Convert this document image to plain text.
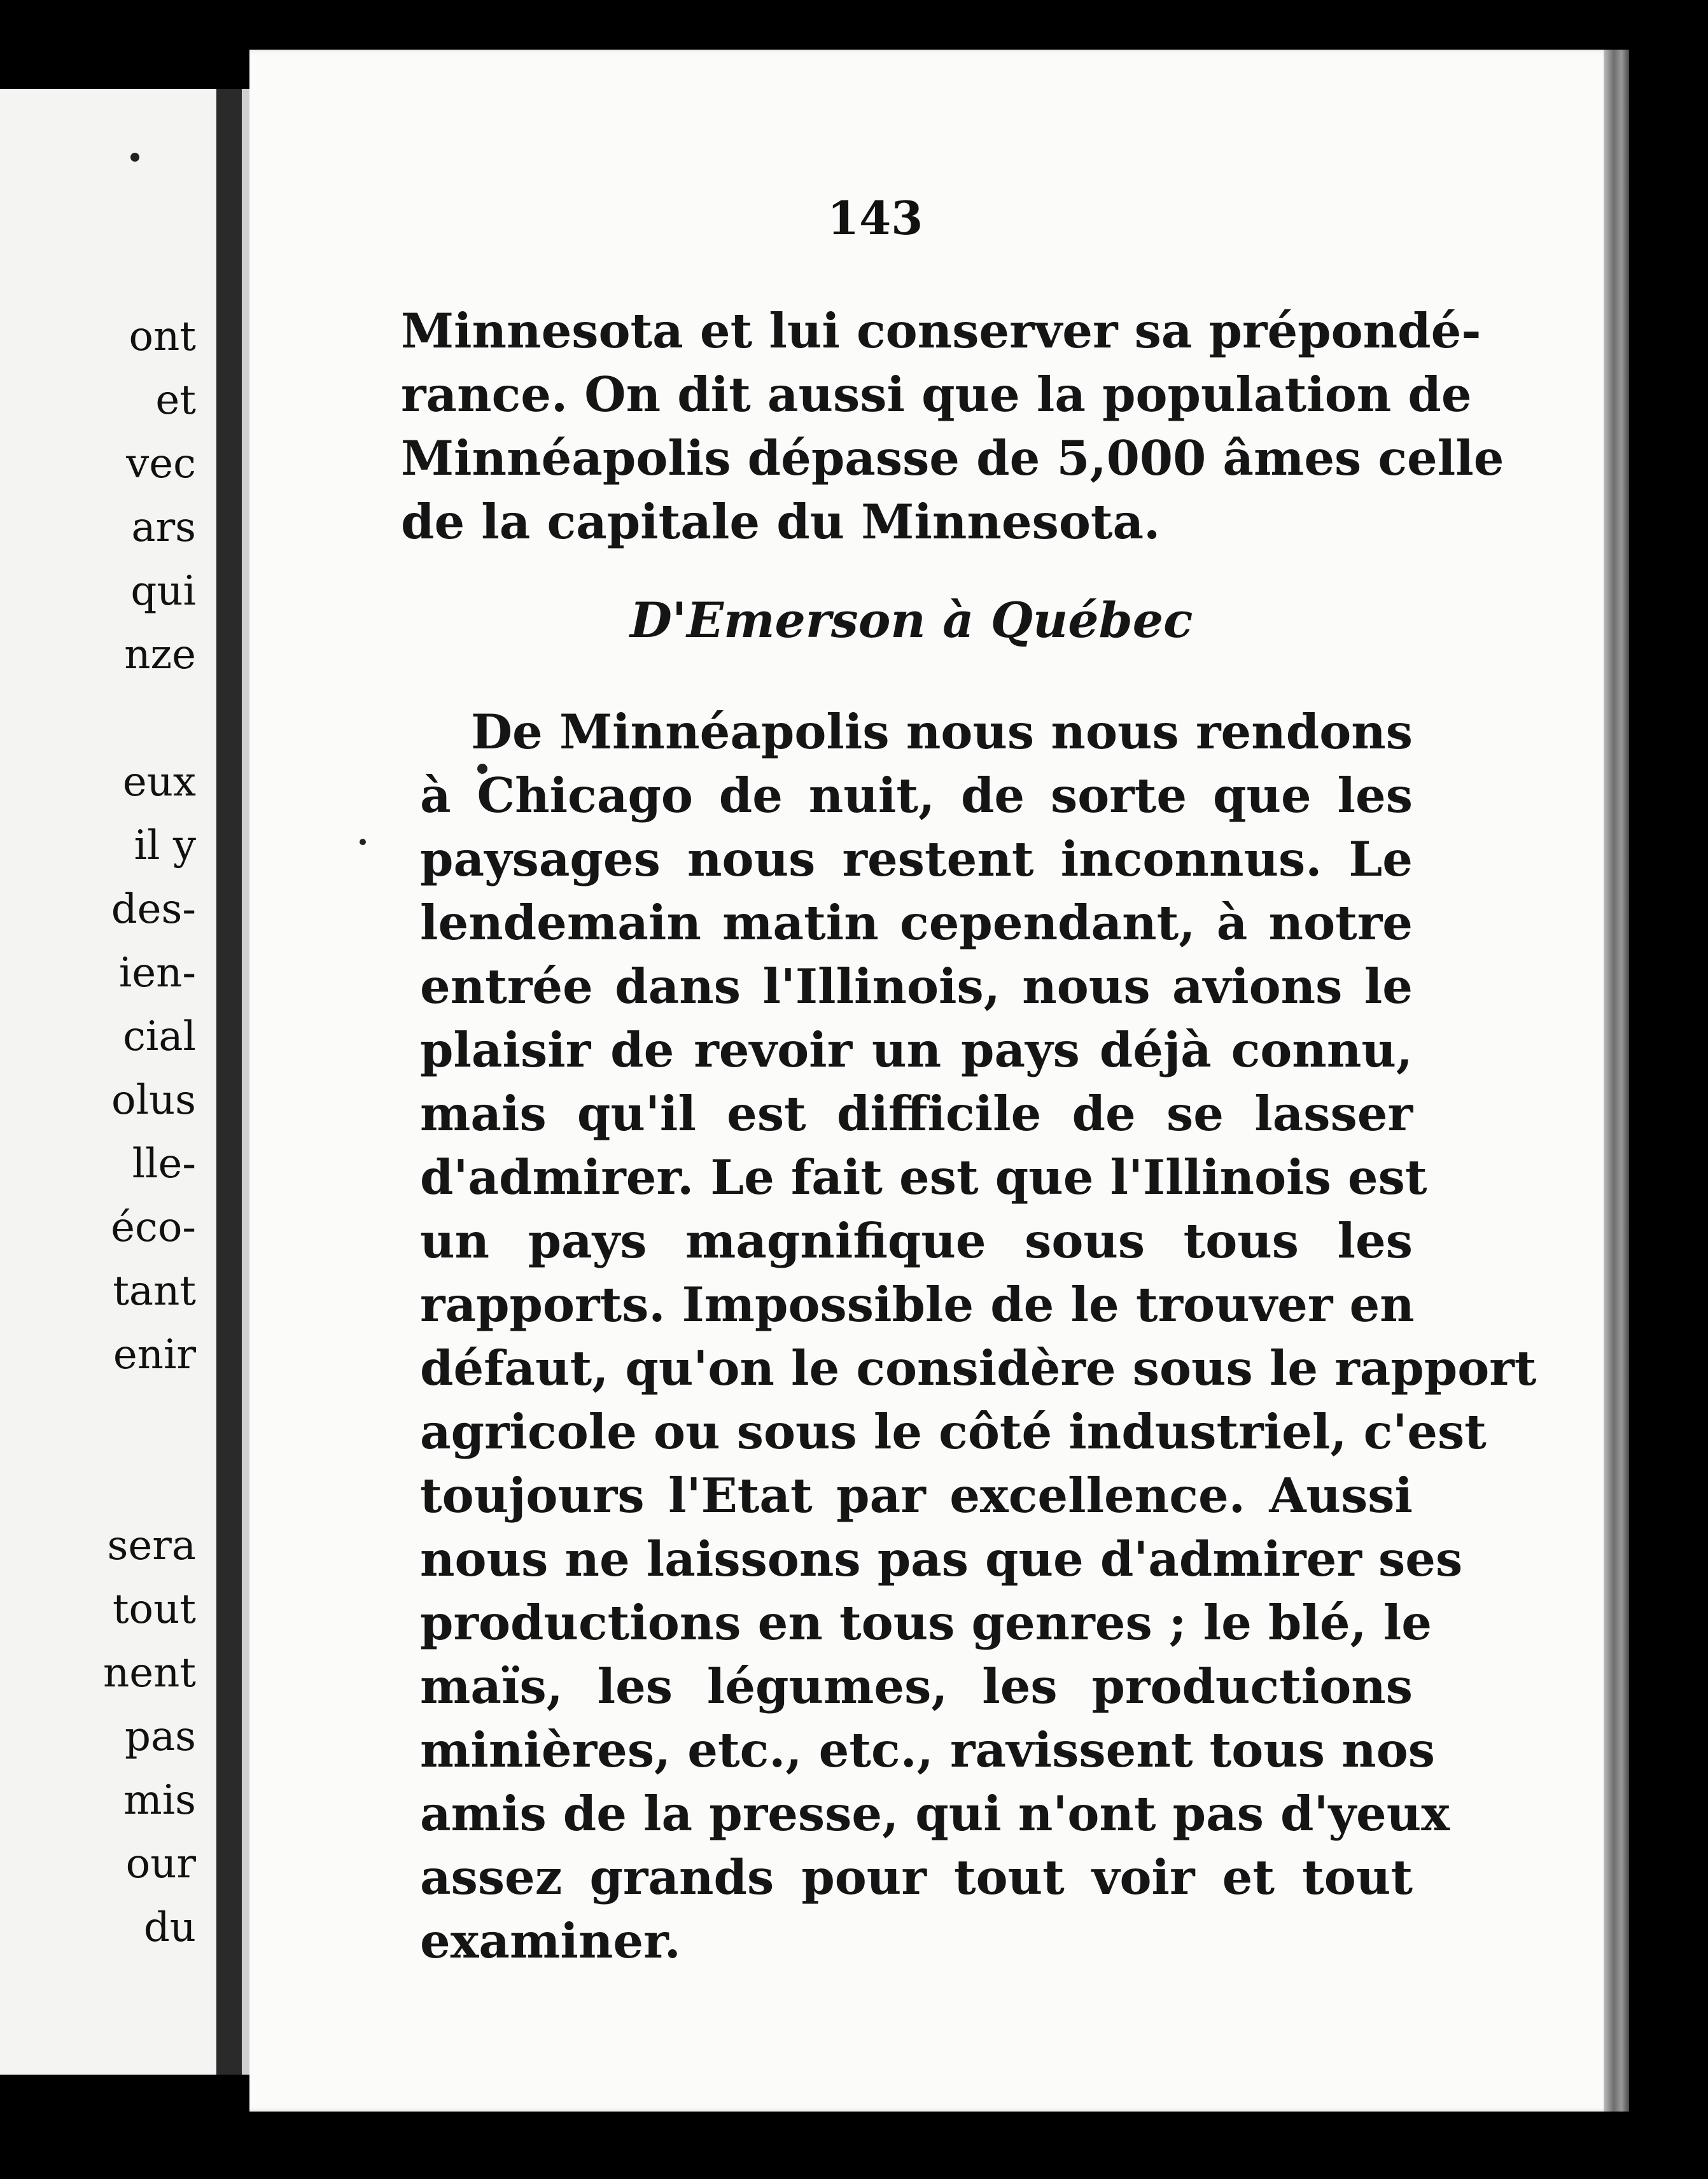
ont
et
vec
ars
qui
nze
eux
il y
des-
ien-
cial
olus
lle-
éco-
tant
enir
sera
tout
nent
pas
mis
our
du
143
Minnesota et lui conserver sa prépondé-
rance. On dit aussi que la population de
Minnéapolis dépasse de 5,000 âmes celle
de la capitale du Minnesota.
D'Emerson à Québec
De Minnéapolis nous nous rendons
à Chicago de nuit, de sorte que les
paysages nous restent inconnus. Le
lendemain matin cependant, à notre
entrée dans l'Illinois, nous avions le
plaisir de revoir un pays déjà connu,
mais qu'il est difficile de se lasser
d'admirer. Le fait est que l'Illinois est
un pays magnifique sous tous les
rapports. Impossible de le trouver en
défaut, qu'on le considère sous le rapport
agricole ou sous le côté industriel, c'est
toujours l'Etat par excellence. Aussi
nous ne laissons pas que d'admirer ses
productions en tous genres ; le blé, le
maïs, les légumes, les productions
minières, etc., etc., ravissent tous nos
amis de la presse, qui n'ont pas d'yeux
assez grands pour tout voir et tout
examiner.
